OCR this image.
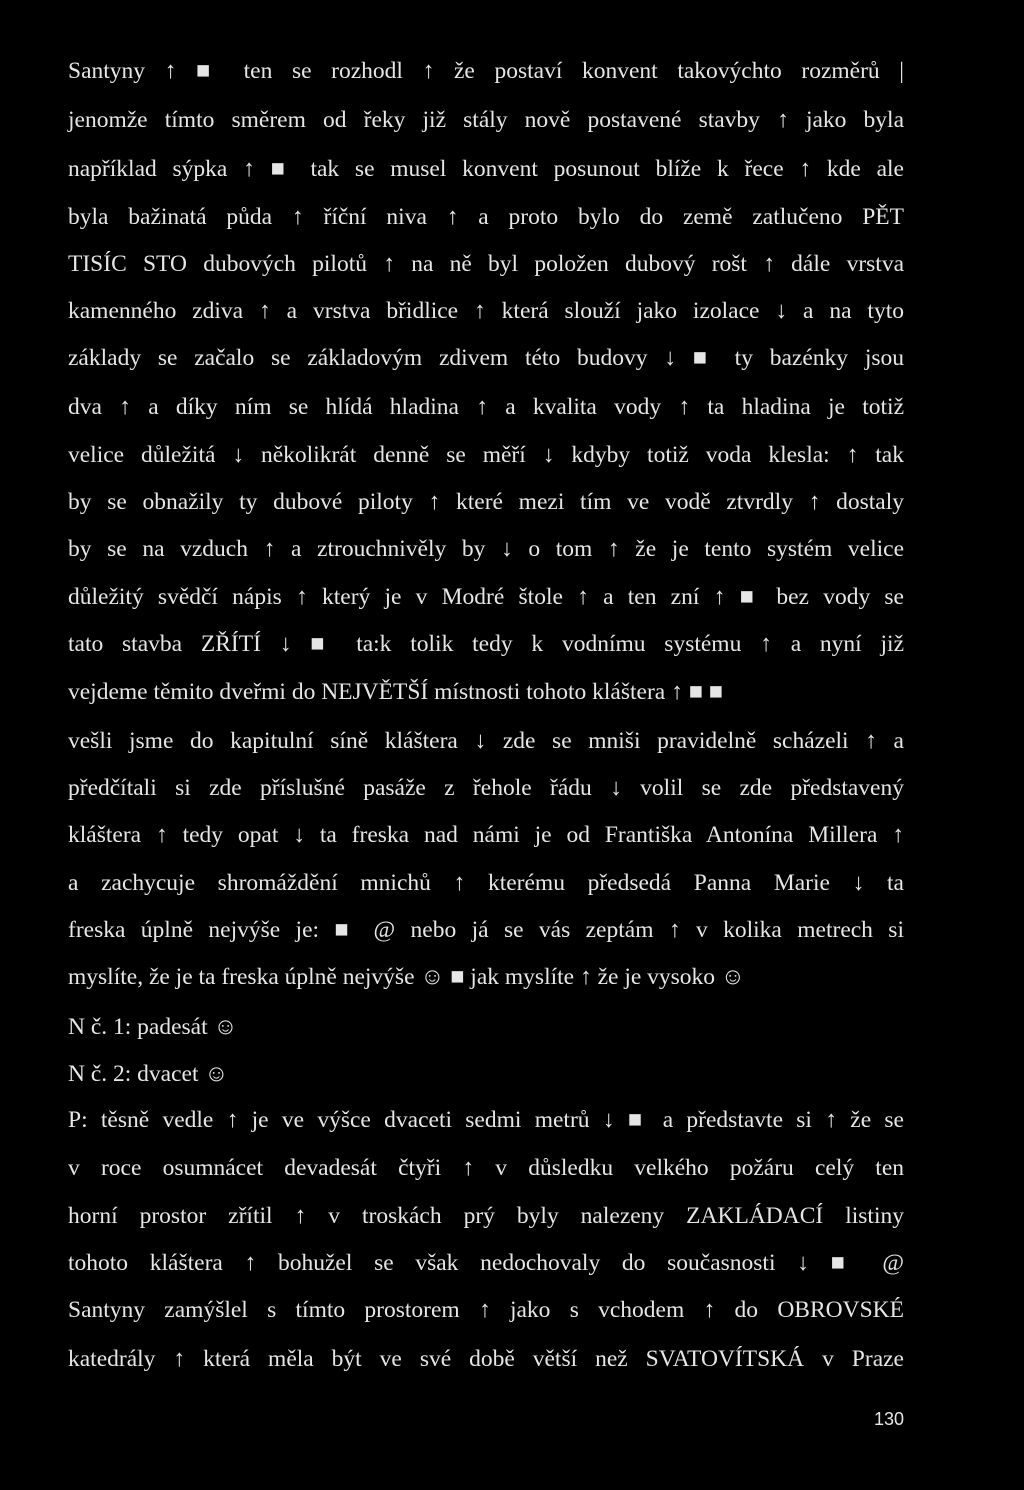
Santyny ↑ ■ ten se rozhodl ↑ že postaví konvent takovýchto rozměrů |
jenomže tímto směrem od řeky již stály nově postavené stavby ↑ jako byla
například sýpka ↑ ■ tak se musel konvent posunout blíže k řece ↑ kde ale
byla bažinatá půda ↑ říční niva ↑ a proto bylo do země zatlučeno PĚT
TISÍC STO dubových pilotů ↑ na ně byl položen dubový rošt ↑ dále vrstva
kamenného zdiva ↑ a vrstva břidlice ↑ která slouží jako izolace ↓ a na tyto
základy se začalo se základovým zdivem této budovy ↓ ■ ty bazénky jsou
dva ↑ a díky ním se hlídá hladina ↑ a kvalita vody ↑ ta hladina je totiž
velice důležitá ↓ několikrát denně se měří ↓ kdyby totiž voda klesla: ↑ tak
by se obnažily ty dubové piloty ↑ které mezi tím ve vodě ztvrdly ↑ dostaly
by se na vzduch ↑ a ztrouchnivěly by ↓ o tom ↑ že je tento systém velice
důležitý svědčí nápis ↑ který je v Modré štole ↑ a ten zní ↑ ■ bez vody se
tato stavba ZŘÍTÍ ↓ ■ ta:k tolik tedy k vodnímu systému ↑ a nyní již
vejdeme těmito dveřmi do NEJVĚTŠÍ místnosti tohoto kláštera ↑ ■ ■
vešli jsme do kapitulní síně kláštera ↓ zde se mniši pravidelně scházeli ↑ a
předčítali si zde příslušné pasáže z řehole řádu ↓ volil se zde představený
kláštera ↑ tedy opat ↓ ta freska nad námi je od Františka Antonína Millera ↑
a zachycuje shromáždění mnichů ↑ kterému předsedá Panna Marie ↓ ta
freska úplně nejvýše je: ■ @ nebo já se vás zeptám ↑ v kolika metrech si
myslíte, že je ta freska úplně nejvýše ☺ ■ jak myslíte ↑ že je vysoko ☺
N č. 1: padesát ☺
N č. 2: dvacet ☺
P: těsně vedle ↑ je ve výšce dvaceti sedmi metrů ↓ ■ a představte si ↑ že se
v roce osumnácet devadesát čtyři ↑ v důsledku velkého požáru celý ten
horní prostor zřítil ↑ v troskách prý byly nalezeny ZAKLÁDACÍ listiny
tohoto kláštera ↑ bohužel se však nedochovaly do současnosti ↓ ■ @
Santyny zamýšlel s tímto prostorem ↑ jako s vchodem ↑ do OBROVSKÉ
katedrály ↑ která měla být ve své době větší než SVATOVÍTSKÁ v Praze
130
